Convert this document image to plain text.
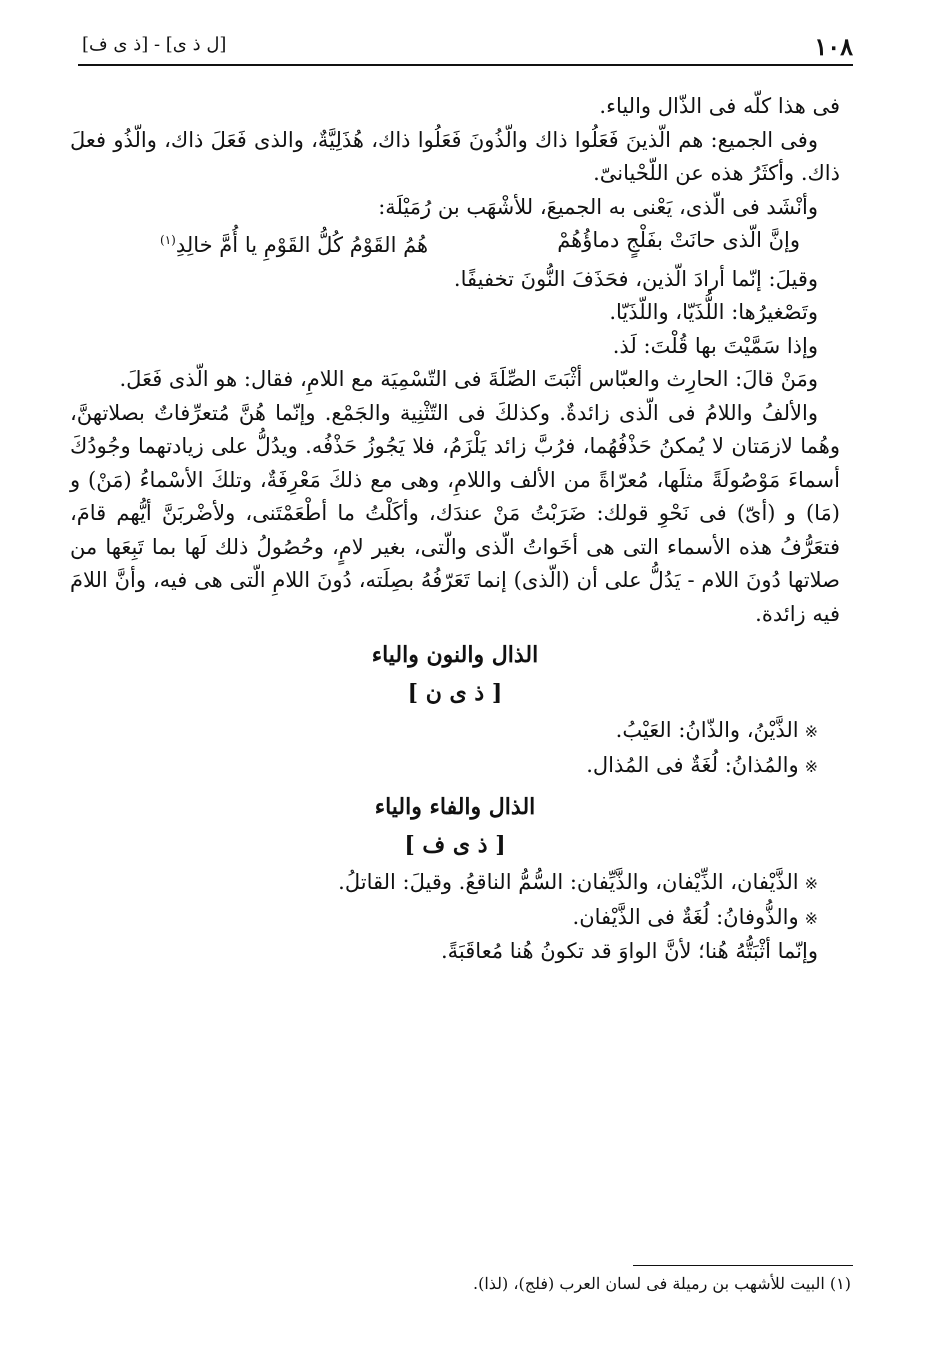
١٠٨
[ل ذ ى] - [ذ ى ف]

فى هذا كلّه فى الذّال والياء.

وفى الجميع: هم الّذينَ فَعَلُوا ذاك والّذُونَ فَعَلُوا ذاك، هُذَلِيَّةٌ، والذى فَعَلَ ذاك، والّذُو فعلَ ذاك. وأكثَرُ هذه عن اللّحْيانىّ.

وأنْشَد فى الّذى، يَعْنى به الجميعَ، للأشْهَب بن رُمَيْلَة:

وإنَّ الّذى حانَتْ بفَلْجٍ دماؤُهُمْ
هُمُ القَوْمُ كُلُّ القَوْمِ يا أُمَّ خالِدِ$^{(١)}$

وقيلَ: إنّما أرادَ الّذين، فحَذَفَ النُّونَ تخفيفًا.

وتَصْغيرُها: اللُّذَيّا، واللّذَيّا.

وإذا سَمَّيْتَ بها قُلْتَ: لَذ.

ومَنْ قالَ: الحارِث والعبّاس أثْبَتَ الصِّلَةَ فى التّسْمِيَة مع اللامِ، فقال: هو الّذى فَعَلَ.

والألفُ واللامُ فى الّذى زائدةٌ. وكذلكَ فى التّثْنِية والجَمْع. وإنّما هُنَّ مُتعرِّفاتٌ بصلاتهنَّ، وهُما لازمَتان لا يُمكنُ حَذْفُهُما، فرُبَّ زائد يَلْزَمُ، فلا يَجُوزُ حَذْفُه. ويدُلُّ على زيادتهما وجُودُكَ أسماءَ مَوْصُولَةً مثلَها، مُعرّاةً من الألف واللامِ، وهى مع ذلكَ مَعْرِفَةٌ، وتلكَ الأسْماءُ (مَنْ) و (مَا) و (أىّ) فى نَحْوِ قولك: ضَرَبْتُ مَنْ عندَك، وأكَلْتُ ما أطْعَمْتَنى، ولأضْربَنَّ أيُّهم قامَ، فتعَرُّفُ هذه الأسماء التى هى أخَواتُ الّذى والّتى، بغير لامٍ، وحُصُولُ ذلك لَها بما تَبِعَها من صلاتها دُونَ اللام - يَدُلُّ على أن (الّذى) إنما تَعَرّفُهُ بصِلَته، دُونَ اللامِ الّتى هى فيه، وأنَّ اللامَ فيه زائدة.

الذال والنون والياء
[ ذ ى ن ]

※الذَّيْنُ، والذّانُ: العَيْبُ.

※والمُذانُ: لُغَةٌ فى المُذال.

الذال والفاء والياء
[ ذ ى ف ]

※الذَّيْفان، الذِّيْفان، والذَّيِّفان: السُّمُّ الناقعُ. وقيلَ: القاتلُ.

※والذُّوفانُ: لُغَةٌ فى الذَّيْفان.

وإنّما أثْبَتُّهُ هُنا؛ لأنَّ الواوَ قد تكونُ هُنا مُعاقَبَةً.

(١) البيت للأشهب بن رميلة فى لسان العرب (فلج)، (لذا).
